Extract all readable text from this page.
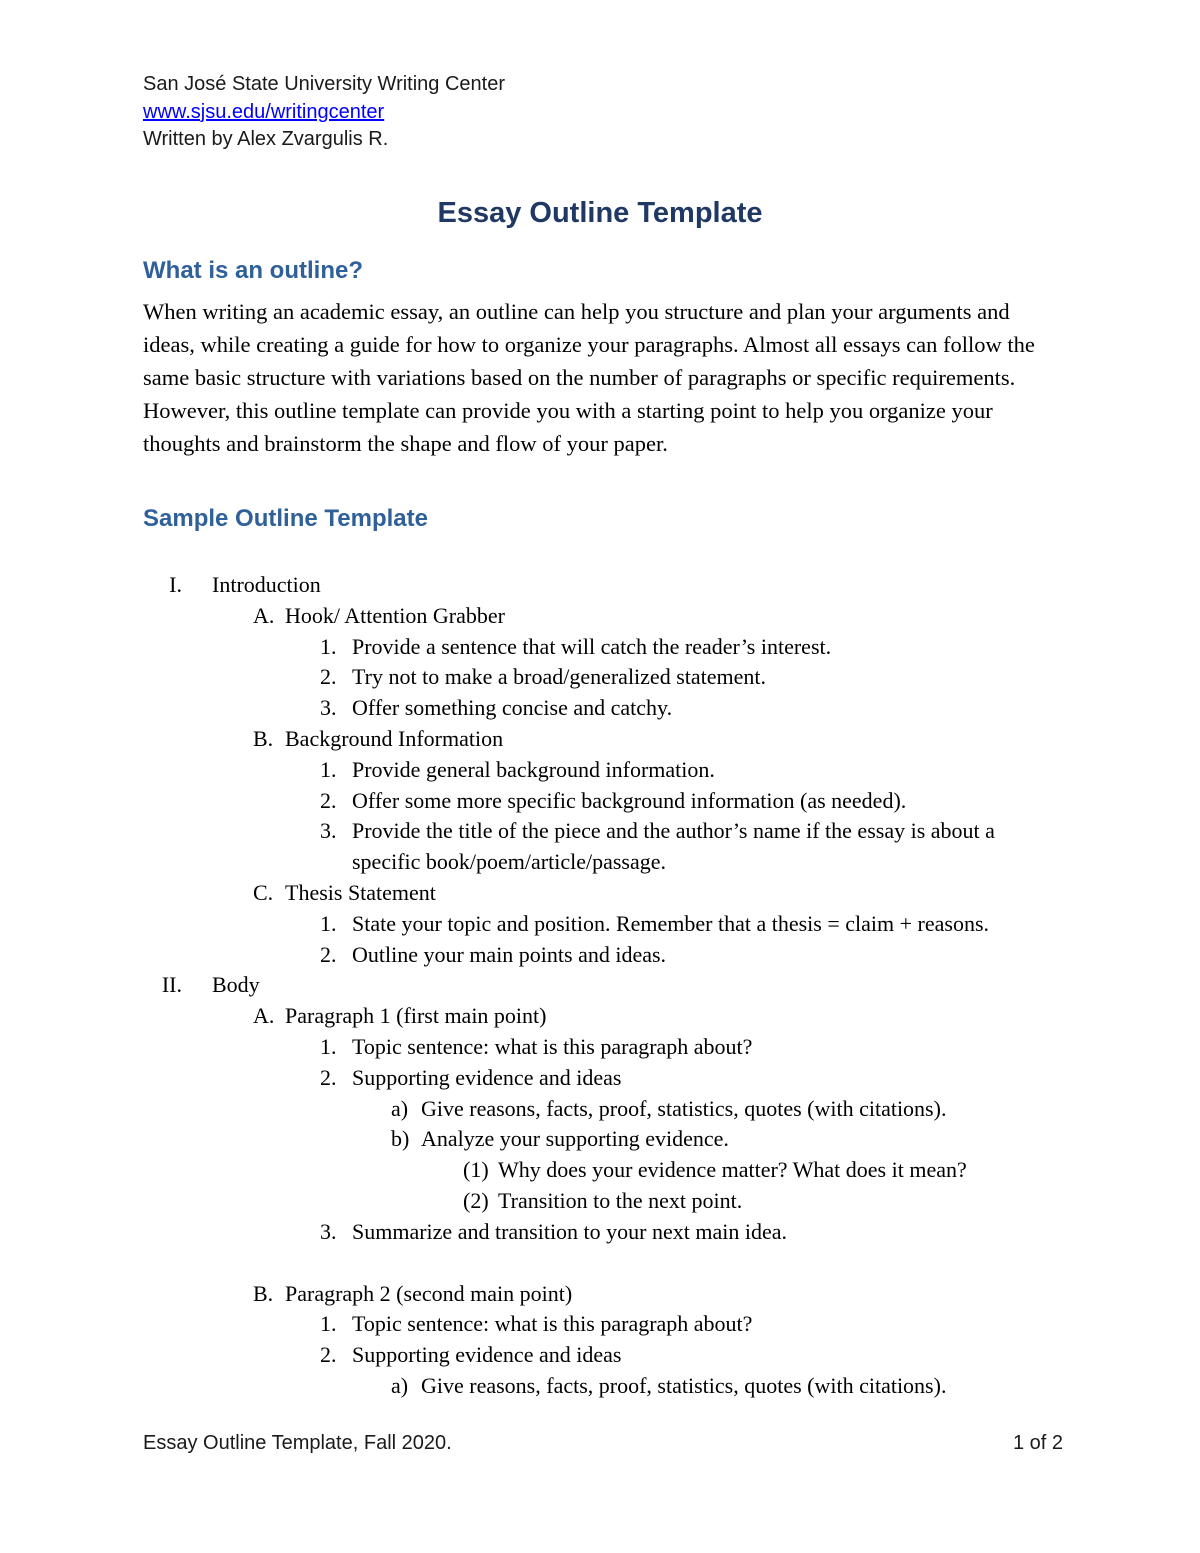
San José State University Writing Center
www.sjsu.edu/writingcenter
Written by Alex Zvargulis R.
Essay Outline Template
What is an outline?
When writing an academic essay, an outline can help you structure and plan your arguments and ideas, while creating a guide for how to organize your paragraphs. Almost all essays can follow the same basic structure with variations based on the number of paragraphs or specific requirements. However, this outline template can provide you with a starting point to help you organize your thoughts and brainstorm the shape and flow of your paper.
Sample Outline Template
I.	Introduction
A. Hook/ Attention Grabber
1. Provide a sentence that will catch the reader’s interest.
2. Try not to make a broad/generalized statement.
3. Offer something concise and catchy.
B. Background Information
1. Provide general background information.
2. Offer some more specific background information (as needed).
3. Provide the title of the piece and the author’s name if the essay is about a specific book/poem/article/passage.
C. Thesis Statement
1. State your topic and position. Remember that a thesis = claim + reasons.
2. Outline your main points and ideas.
II.	Body
A. Paragraph 1 (first main point)
1. Topic sentence: what is this paragraph about?
2. Supporting evidence and ideas
a) Give reasons, facts, proof, statistics, quotes (with citations).
b) Analyze your supporting evidence.
(1) Why does your evidence matter? What does it mean?
(2) Transition to the next point.
3. Summarize and transition to your next main idea.
B. Paragraph 2 (second main point)
1. Topic sentence: what is this paragraph about?
2. Supporting evidence and ideas
a) Give reasons, facts, proof, statistics, quotes (with citations).
Essay Outline Template, Fall 2020.	1 of 2
